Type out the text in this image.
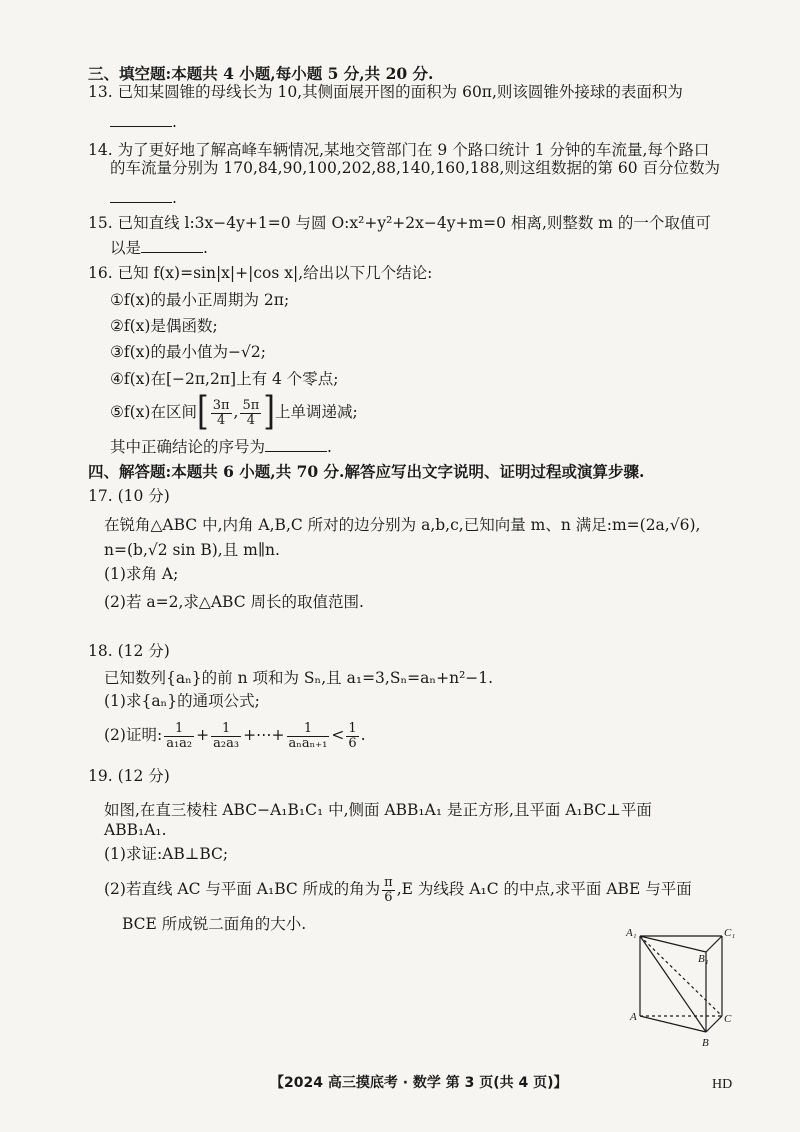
三、填空题:本题共 4 小题,每小题 5 分,共 20 分.
13. 已知某圆锥的母线长为 10,其侧面展开图的面积为 60π,则该圆锥外接球的表面积为
.
14. 为了更好地了解高峰车辆情况,某地交管部门在 9 个路口统计 1 分钟的车流量,每个路口
的车流量分别为 170,84,90,100,202,88,140,160,188,则这组数据的第 60 百分位数为
.
15. 已知直线 l:3x−4y+1=0 与圆 O:x²+y²+2x−4y+m=0 相离,则整数 m 的一个取值可
以是	.
16. 已知 f(x)=sin|x|+|cos x|,给出以下几个结论:
①f(x)的最小正周期为 2π;
②f(x)是偶函数;
③f(x)的最小值为−√2;
④f(x)在[−2π,2π]上有 4 个零点;
⑤f(x)在区间[ $\frac{3\pi}{4}$ , $\frac{5\pi}{4}$ ]上单调递减;
其中正确结论的序号为	.
四、解答题:本题共 6 小题,共 70 分.解答应写出文字说明、证明过程或演算步骤.
17. (10 分)
在锐角△ABC 中,内角 A,B,C 所对的边分别为 a,b,c,已知向量 m、n 满足:m=(2a,√6),
n=(b,√2 sin B),且 m∥n.
(1)求角 A;
(2)若 a=2,求△ABC 周长的取值范围.
18. (12 分)
已知数列{aₙ}的前 n 项和为 Sₙ,且 a₁=3,Sₙ=aₙ+n²−1.
(1)求{aₙ}的通项公式;
(2)证明: $\frac{1}{\text{a₁a₂}} + \frac{1}{\text{a₂a₃}}$ +⋯+ $\frac{1}{\text{aₙaₙ₊₁}} < \frac{1}{6}$ .
19. (12 分)
如图,在直三棱柱 ABC−A₁B₁C₁ 中,侧面 ABB₁A₁ 是正方形,且平面 A₁BC⊥平面
ABB₁A₁.
(1)求证:AB⊥BC;
(2)若直线 AC 与平面 A₁BC 所成的角为 $\frac{\pi}{6} ,E$ 为线段 A₁C 的中点,求平面 ABE 与平面
BCE 所成锐二面角的大小.	A₁	C₁
B₁
A	C
B
【2024 高三摸底考 · 数学 第 3 页(共 4 页)】	HD
